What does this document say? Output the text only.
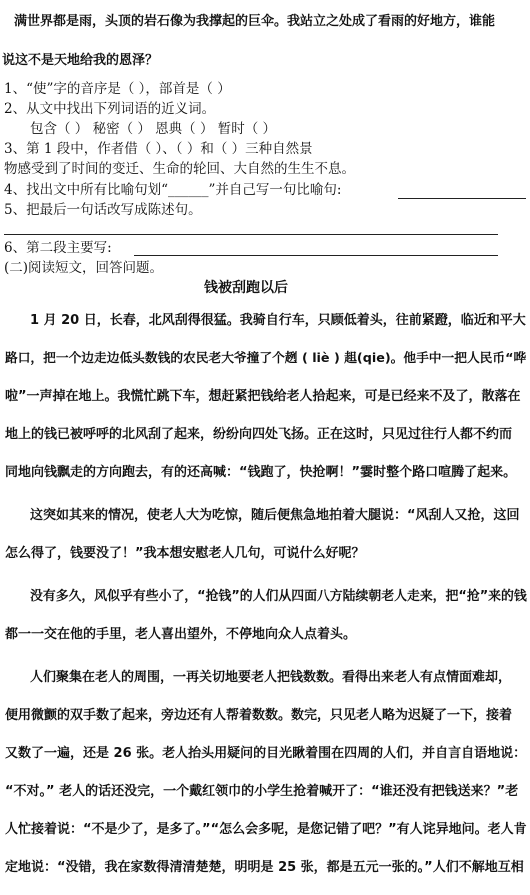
满世界都是雨，头顶的岩石像为我撑起的巨伞。我站立之处成了看雨的好地方，谁能
说这不是天地给我的恩泽？
1、“使”字的音序是（ ），部首是（ ）
2、从文中找出下列词语的近义词。
包含（ ） 秘密（ ） 恩典（ ） 暂时（ ）
3、第 1 段中，作者借（ ）、（ ）和（ ）三种自然景
物感受到了时间的变迁、生命的轮回、大自然的生生不息。
4、找出文中所有比喻句划“______”并自己写一句比喻句:
5、把最后一句话改写成陈述句。
6、第二段主要写:
(二)阅读短文，回答问题。
钱被刮跑以后
1 月 20 日，长春，北风刮得很猛。我骑自行车，只顾低着头，往前紧蹬，临近和平大
路口，把一个边走边低头数钱的农民老大爷撞了个趔 ( liè ) 趄(qie)。他手中一把人民币“哗
啦”一声掉在地上。我慌忙跳下车，想赶紧把钱给老人拾起来，可是已经来不及了，散落在
地上的钱已被呼呼的北风刮了起来，纷纷向四处飞扬。正在这时，只见过往行人都不约而
同地向钱飘走的方向跑去，有的还高喊：“钱跑了，快抢啊！”霎时整个路口喧腾了起来。
这突如其来的情况，使老人大为吃惊，随后便焦急地拍着大腿说：“风刮人又抢，这回
怎么得了，钱要没了！”我本想安慰老人几句，可说什么好呢？
没有多久，风似乎有些小了，“抢钱”的人们从四面八方陆续朝老人走来，把“抢”来的钱
都一一交在他的手里，老人喜出望外，不停地向众人点着头。
人们聚集在老人的周围，一再关切地要老人把钱数数。看得出来老人有点情面难却，
便用微颤的双手数了起来，旁边还有人帮着数数。数完，只见老人略为迟疑了一下，接着
又数了一遍，还是 26 张。老人抬头用疑问的目光瞅着围在四周的人们，并自言自语地说：
“不对。” 老人的话还没完，一个戴红领巾的小学生抢着喊开了：“谁还没有把钱送来？”老
人忙接着说：“不是少了，是多了。”“怎么会多呢，是您记错了吧？”有人诧异地问。老人肯
定地说：“没错，我在家数得清清楚楚，明明是 25 张，都是五元一张的。”人们不解地互相
